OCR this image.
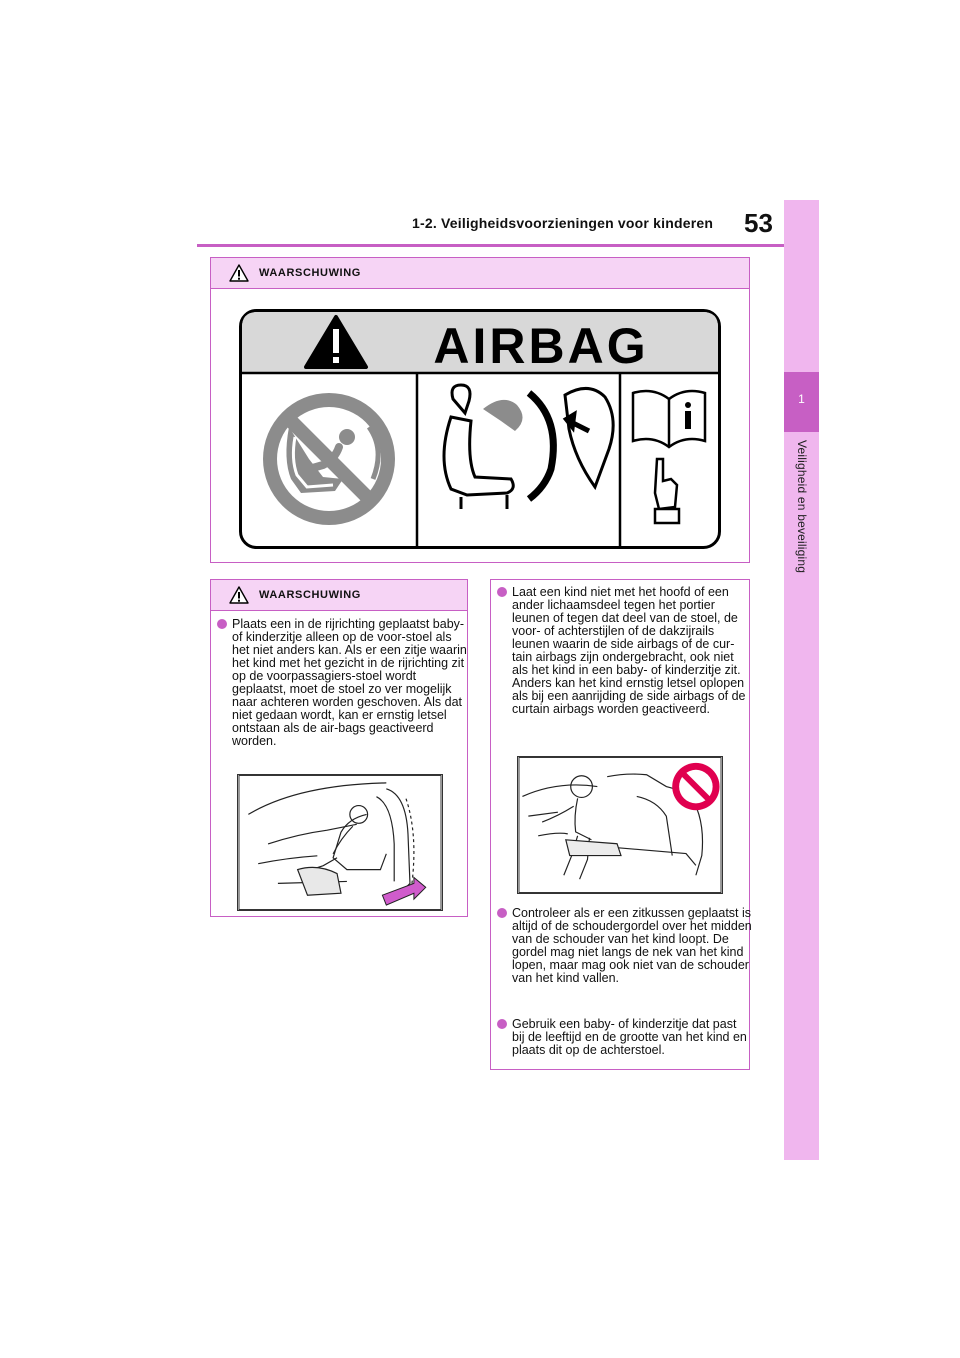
1-2. Veiligheidsvoorzieningen voor kinderen 53
1
Veiligheid en beveiliging
WAARSCHUWING
AIRBAG
WAARSCHUWING
Plaats een in de rijrichting geplaatst baby- of kinderzitje alleen op de voor-stoel als het niet anders kan. Als er een zitje waarin het kind met het gezicht in de rijrichting zit op de voorpassagiers-stoel wordt geplaatst, moet de stoel zo ver mogelijk naar achteren worden geschoven. Als dat niet gedaan wordt, kan er ernstig letsel ontstaan als de air-bags geactiveerd worden.
Laat een kind niet met het hoofd of een ander lichaamsdeel tegen het portier leunen of tegen dat deel van de stoel, de voor- of achterstijlen of de dakzijrails leunen waarin de side airbags of de cur-tain airbags zijn ondergebracht, ook niet als het kind in een baby- of kinderzitje zit. Anders kan het kind ernstig letsel oplopen als bij een aanrijding de side airbags of de curtain airbags worden geactiveerd.
Controleer als er een zitkussen geplaatst is altijd of de schoudergordel over het midden van de schouder van het kind loopt. De gordel mag niet langs de nek van het kind lopen, maar mag ook niet van de schouder van het kind vallen.
Gebruik een baby- of kinderzitje dat past bij de leeftijd en de grootte van het kind en plaats dit op de achterstoel.
